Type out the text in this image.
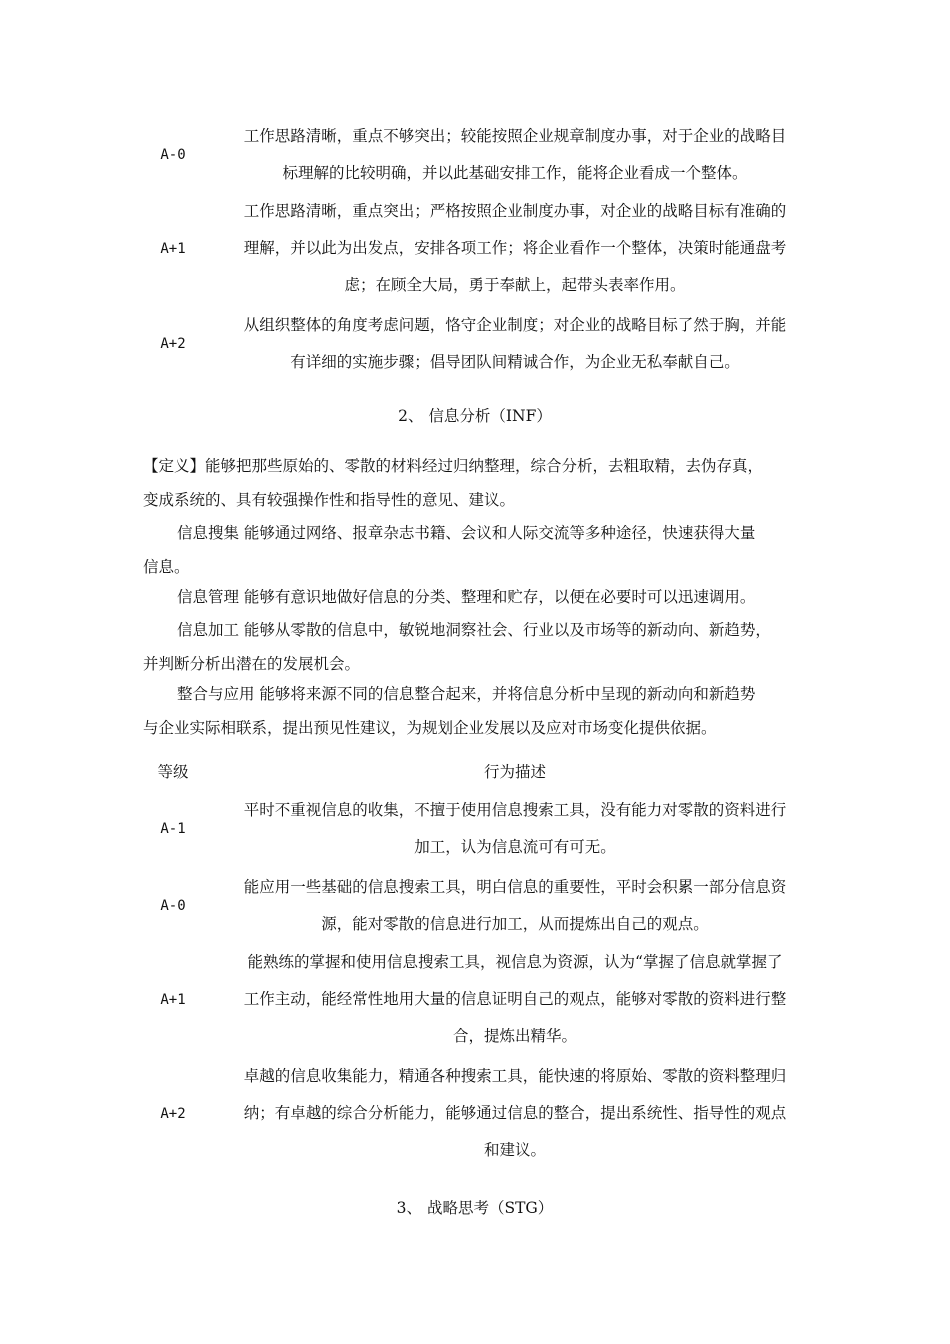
A-0
工作思路清晰，重点不够突出；较能按照企业规章制度办事，对于企业的战略目
标理解的比较明确，并以此基础安排工作，能将企业看成一个整体。
A+1
工作思路清晰，重点突出；严格按照企业制度办事，对企业的战略目标有准确的
理解，并以此为出发点，安排各项工作；将企业看作一个整体，决策时能通盘考
虑；在顾全大局，勇于奉献上，起带头表率作用。
A+2
从组织整体的角度考虑问题，恪守企业制度；对企业的战略目标了然于胸，并能
有详细的实施步骤；倡导团队间精诚合作，为企业无私奉献自己。
2、 信息分析（INF）
【定义】能够把那些原始的、零散的材料经过归纳整理，综合分析，去粗取精，去伪存真，
变成系统的、具有较强操作性和指导性的意见、建议。
信息搜集 能够通过网络、报章杂志书籍、会议和人际交流等多种途径，快速获得大量
信息。
信息管理 能够有意识地做好信息的分类、整理和贮存，以便在必要时可以迅速调用。
信息加工 能够从零散的信息中，敏锐地洞察社会、行业以及市场等的新动向、新趋势，
并判断分析出潜在的发展机会。
整合与应用 能够将来源不同的信息整合起来，并将信息分析中呈现的新动向和新趋势
与企业实际相联系，提出预见性建议，为规划企业发展以及应对市场变化提供依据。
等级	行为描述
A-1
平时不重视信息的收集，不擅于使用信息搜索工具，没有能力对零散的资料进行
加工，认为信息流可有可无。
A-0
能应用一些基础的信息搜索工具，明白信息的重要性，平时会积累一部分信息资
源，能对零散的信息进行加工，从而提炼出自己的观点。
A+1
能熟练的掌握和使用信息搜索工具，视信息为资源，认为“掌握了信息就掌握了
工作主动，能经常性地用大量的信息证明自己的观点，能够对零散的资料进行整
合，提炼出精华。
A+2
卓越的信息收集能力，精通各种搜索工具，能快速的将原始、零散的资料整理归
纳；有卓越的综合分析能力，能够通过信息的整合，提出系统性、指导性的观点
和建议。
3、 战略思考（STG）
